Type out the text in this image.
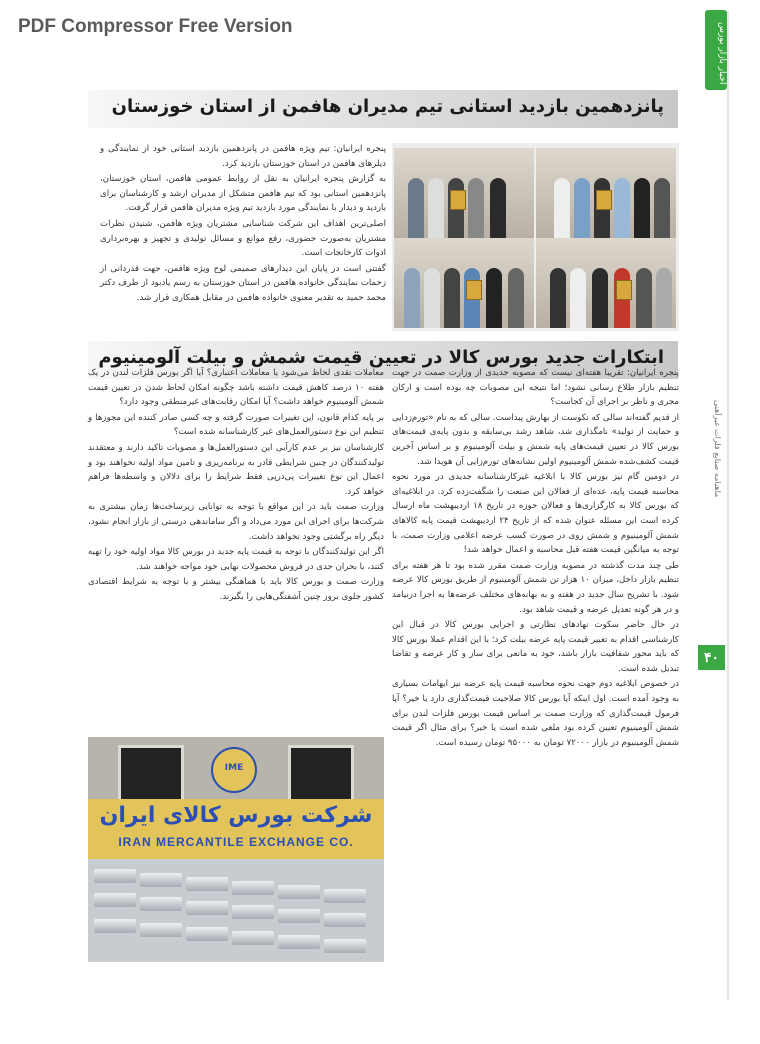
PDF Compressor Free Version	اخبار بازار بورس
ماهنامه صنایع فلزات غیرآهنی
۴۰
پانزدهمین بازدید استانی تیم مدیران هافمن از استان خوزستان

پنجره ایرانیان: تیم ویژه هافمن در پانزدهمین بازدید استانی خود از نمایندگی و دیلرهای هافمن در استان خوزستان بازدید کرد.

به گزارش پنجره ایرانیان به نقل از روابط عمومی هافمن، استان خوزستان، پانزدهمین استانی بود که تیم هافمن متشکل از مدیران ارشد و کارشناسان برای بازدید و دیدار با نمایندگی مورد بازدید تیم ویژه مدیران هافمن قرار گرفت.

اصلی‌ترین اهداف این شرکت شناسایی مشتریان ویژه هافمن، شنیدن نظرات مشتریان به‌صورت حضوری، رفع موانع و مسائل تولیدی و تجهیز و بهره‌برداری ادوات کارخانجات است.

گفتنی است در پایان این دیدارهای صمیمی لوح ویژه هافمن، جهت قدردانی از زحمات نمایندگی خانواده هافمن در استان خوزستان به رسم یادبود از طرف دکتر محمد حمید به تقدیر معنوی خانواده هافمن در مقابل همکاری قرار شد.

ابتکارات جدید بورس کالا در تعیین قیمت شمش و بیلت آلومینیوم

پنجره ایرانیان: تقریبا هفته‌ای نیست که مصوبه جدیدی از وزارت صمت در جهت تنظیم بازار طلاع رسانی نشود؛ اما نتیجه این مصوبات چه بوده است و ارکان مجری و ناظر بر اجرای آن کجاست؟

از قدیم گفته‌اند سالی که نکوست از بهارش پیداست. سالی که به نام «تورم‌زدایی و حمایت از تولید» نامگذاری شد، شاهد رشد بی‌سابقه و بدون پایه‌ی قیمت‌های بورس کالا در تعیین قیمت‌های پایه شمش و بیلت آلومینیوم و بر اساس آخرین قیمت کشف‌شده شمش آلومینیوم اولین نشانه‌های تورم‌زایی آن هویدا شد.

در دومین گام نیز بورس کالا با ابلاغیه غیرکارشناسانه جدیدی در مورد نحوه محاسبه قیمت پایه، عده‌ای از فعالان این صنعت را شگفت‌زده کرد. در ابلاغیه‌ای که بورس کالا به کارگزاری‌ها و فعالان حوزه در تاریخ ۱۸ اردیبهشت ماه ارسال کرده است این مسئله عنوان شده که از تاریخ ۲۴ اردیبهشت قیمت پایه کالاهای شمش آلومینیوم و شمش روی در صورت کسب عرضه اعلامی وزارت صمت، با توجه به میانگین قیمت هفته قبل محاسبه و اعمال خواهد شد!

طی چند مدت گذشته در مصوبه وزارت صمت مقرر شده بود تا هر هفته برای تنظیم بازار داخل، میزان ۱۰ هزار تن شمش آلومینیوم از طریق بورس کالا عرضه شود. با تشریح سال جدید در هفته و به بهانه‌های مختلف عرضه‌ها به اجرا درنیامد و در هر گونه تعدیل عرضه و قیمت شاهد بود.

در حال حاضر سکوت نهادهای نظارتی و اجرایی بورس کالا در قبال این کارشناسی اقدام به تغییر قیمت پایه عرضه بیلت کرد؛ با این اقدام عملا بورس کالا که باید محور شفافیت بازار باشد، خود به مانعی برای ساز و کار عرضه و تقاضا تبدیل شده است.

در خصوص ابلاغیه دوم جهت نحوه محاسبه قیمت پایه عرضه نیز ابهامات بسیاری به وجود آمده است. اول اینکه آیا بورس کالا صلاحیت قیمت‌گذاری دارد یا خیر؟ آیا فرمول قیمت‌گذاری که وزارت صمت بر اساس قیمت بورس فلزات لندن برای شمش آلومینیوم تعیین کرده بود ملغی شده است یا خیر؟ برای مثال اگر قیمت شمش آلومینیوم در بازار ۷۲۰۰۰ تومان به ۹۵۰۰۰ تومان رسیده است.

معاملات نقدی لحاظ می‌شود یا معاملات اعتباری؟ آیا اگر بورس فلزات لندن در یک هفته ۱۰ درصد کاهش قیمت داشته باشد چگونه امکان لحاظ شدن در تعیین قیمت شمش آلومینیوم خواهد داشت؟ آیا امکان رقابت‌های غیرمنطقی وجود دارد؟

بر پایه کدام قانون، این تغییرات صورت گرفته و چه کسی صادر کننده این مجوزها و تنظیم این نوع دستورالعمل‌های غیر کارشناسانه شده است؟

کارشناسان نیز بر عدم کارآیی این دستورالعمل‌ها و مصوبات تاکید دارند و معتقدند تولیدکنندگان در چنین شرایطی قادر به برنامه‌ریزی و تامین مواد اولیه نخواهند بود و اعمال این نوع تغییرات پی‌درپی فقط شرایط را برای دلالان و واسطه‌ها فراهم خواهد کرد.

وزارت صمت باید در این مواقع با توجه به توانایی زیرساخت‌ها زمان بیشتری به شرکت‌ها برای اجرای این مورد می‌داد و اگر ساماندهی درستی از بازار انجام نشود، دیگر راه برگشتی وجود نخواهد داشت.

اگر این تولیدکنندگان با توجه به قیمت پایه جدید در بورس کالا مواد اولیه خود را تهیه کنند، با بحران جدی در فروش محصولات نهایی خود مواجه خواهند شد.

وزارت صمت و بورس کالا باید با هماهنگی بیشتر و با توجه به شرایط اقتصادی کشور جلوی بروز چنین آشفتگی‌هایی را بگیرند.

IME
شرکت بورس کالای ایران
IRAN MERCANTILE EXCHANGE CO.
